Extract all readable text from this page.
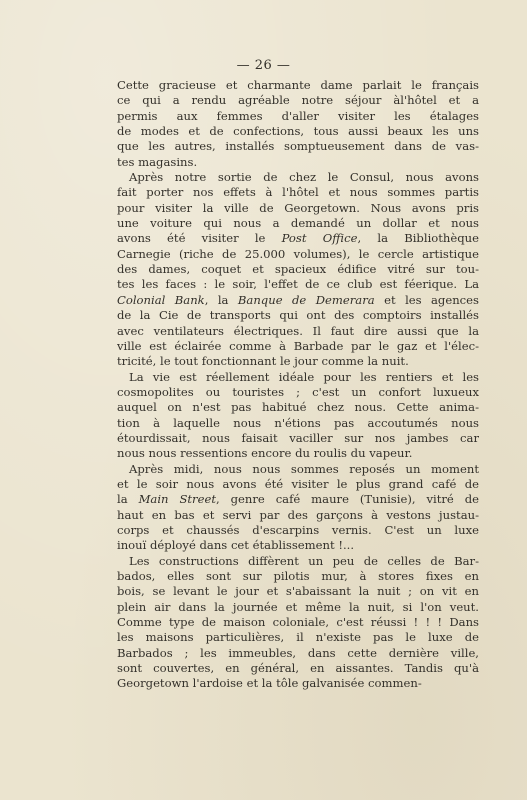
— 26 —
Cette gracieuse et charmante dame parlait le français
ce qui a rendu agréable notre séjour àl'hôtel et a
permis aux femmes d'aller visiter les étalages
de modes et de confections, tous aussi beaux les uns
que les autres, installés somptueusement dans de vas-
tes magasins.
Après notre sortie de chez le Consul, nous avons
fait porter nos effets à l'hôtel et nous sommes partis
pour visiter la ville de Georgetown. Nous avons pris
une voiture qui nous a demandé un dollar et nous
avons été visiter le Post Office, la Bibliothèque
Carnegie (riche de 25.000 volumes), le cercle artistique
des dames, coquet et spacieux édifice vitré sur tou-
tes les faces : le soir, l'effet de ce club est féerique. La
Colonial Bank, la Banque de Demerara et les agences
de la Cie de transports qui ont des comptoirs installés
avec ventilateurs électriques. Il faut dire aussi que la
ville est éclairée comme à Barbade par le gaz et l'élec-
tricité, le tout fonctionnant le jour comme la nuit.
La vie est réellement idéale pour les rentiers et les
cosmopolites ou touristes ; c'est un confort luxueux
auquel on n'est pas habitué chez nous. Cette anima-
tion à laquelle nous n'étions pas accoutumés nous
étourdissait, nous faisait vaciller sur nos jambes car
nous nous ressentions encore du roulis du vapeur.
Après midi, nous nous sommes reposés un moment
et le soir nous avons été visiter le plus grand café de
la Main Street, genre café maure (Tunisie), vitré de
haut en bas et servi par des garçons à vestons justau-
corps et chaussés d'escarpins vernis. C'est un luxe
inouï déployé dans cet établissement !...
Les constructions diffèrent un peu de celles de Bar-
bados, elles sont sur pilotis mur, à stores fixes en
bois, se levant le jour et s'abaissant la nuit ; on vit en
plein air dans la journée et même la nuit, si l'on veut.
Comme type de maison coloniale, c'est réussi ! ! ! Dans
les maisons particulières, il n'existe pas le luxe de
Barbados ; les immeubles, dans cette dernière ville,
sont couvertes, en général, en aissantes. Tandis qu'à
Georgetown l'ardoise et la tôle galvanisée commen-
